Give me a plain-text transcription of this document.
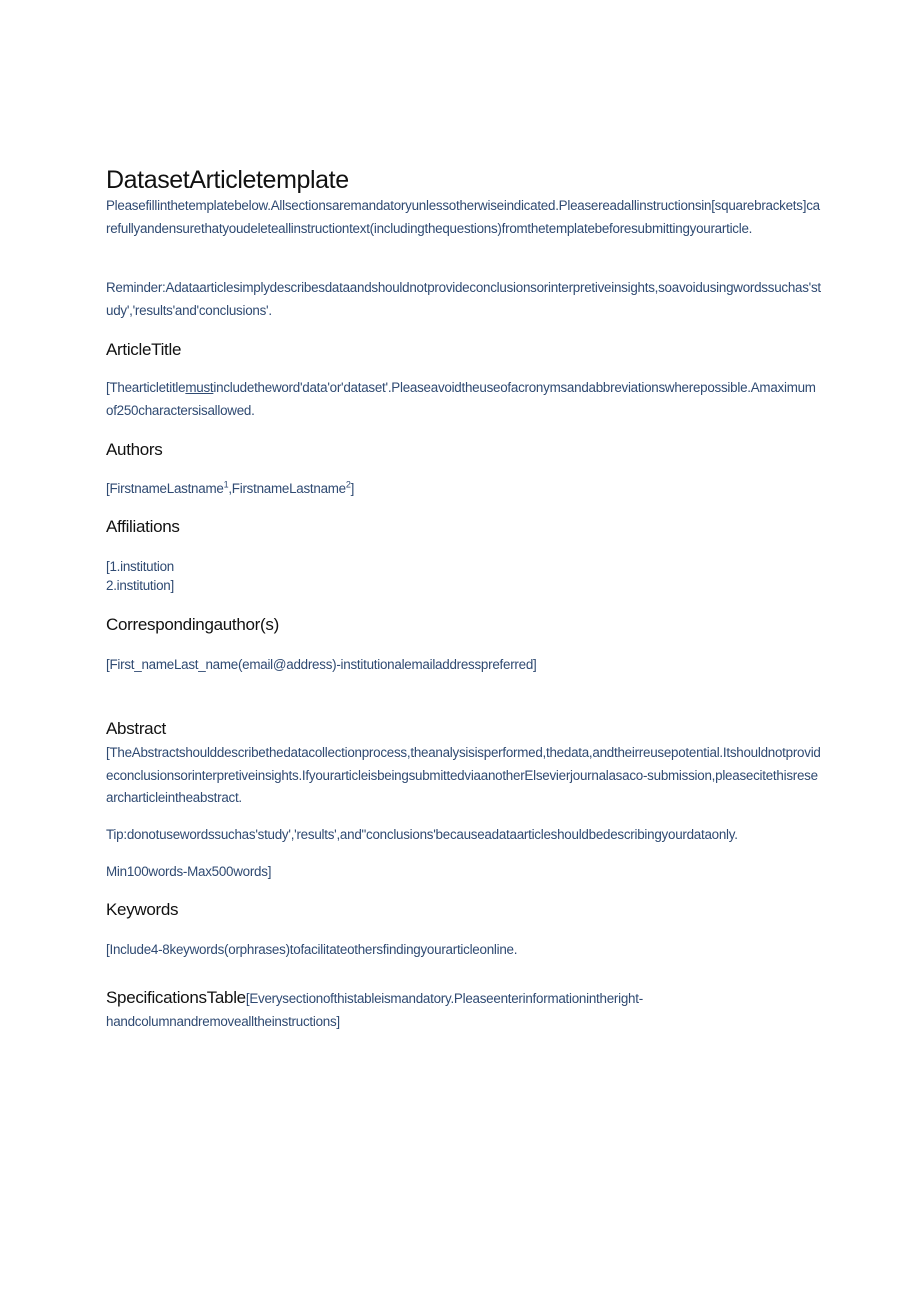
DatasetArticletemplate
Pleasefillinthetemplatebelow.Allsectionsaremandatoryunlessotherwiseindicated.Pleasereadallinstructionsin[squarebrackets]carefullyandensurethatyoudeleteallinstructiontext(includingthequestions)fromthetemplatebeforesubmittingyourarticle.
Reminder:Adataarticlesimplydescribesdataandshouldnotprovideconclusionsorinterpretiveinsights,soavoidusingwordssuchas'study','results'and'conclusions'.
ArticleTitle
[Thearticletitlemustincludetheword'data'or'dataset'.Pleaseavoidtheuseofacronymsandabbreviationswherepossible.Amaximumof250charactersisallowed.
Authors
[FirstnameLastname$^1$,FirstnameLastname$^2$]
Affiliations
[1.institution
2.institution]
Correspondingauthor(s)
[First_nameLast_name(email@address)-institutionalemailaddresspreferred]
Abstract
[TheAbstractshoulddescribethedatacollectionprocess,theanalysisisperformed,thedata,andtheirreusepotential.Itshouldnotprovideconclusionsorinterpretiveinsights.IfyourarticleisbeingsubmittedviaanotherElsevierjournalasaco-submission,pleasecitethisresearcharticleintheabstract.
Tip:donotusewordssuchas'study','results',and"conclusions'becauseadataarticleshouldbedescribingyourdataonly.
Min100words-Max500words]
Keywords
[Include4-8keywords(orphrases)tofacilitateothersfindingyourarticleonline.
SpecificationsTable[Everysectionofthistableismandatory.Pleaseenterinformationintheright-
handcolumnandremovealltheinstructions]
